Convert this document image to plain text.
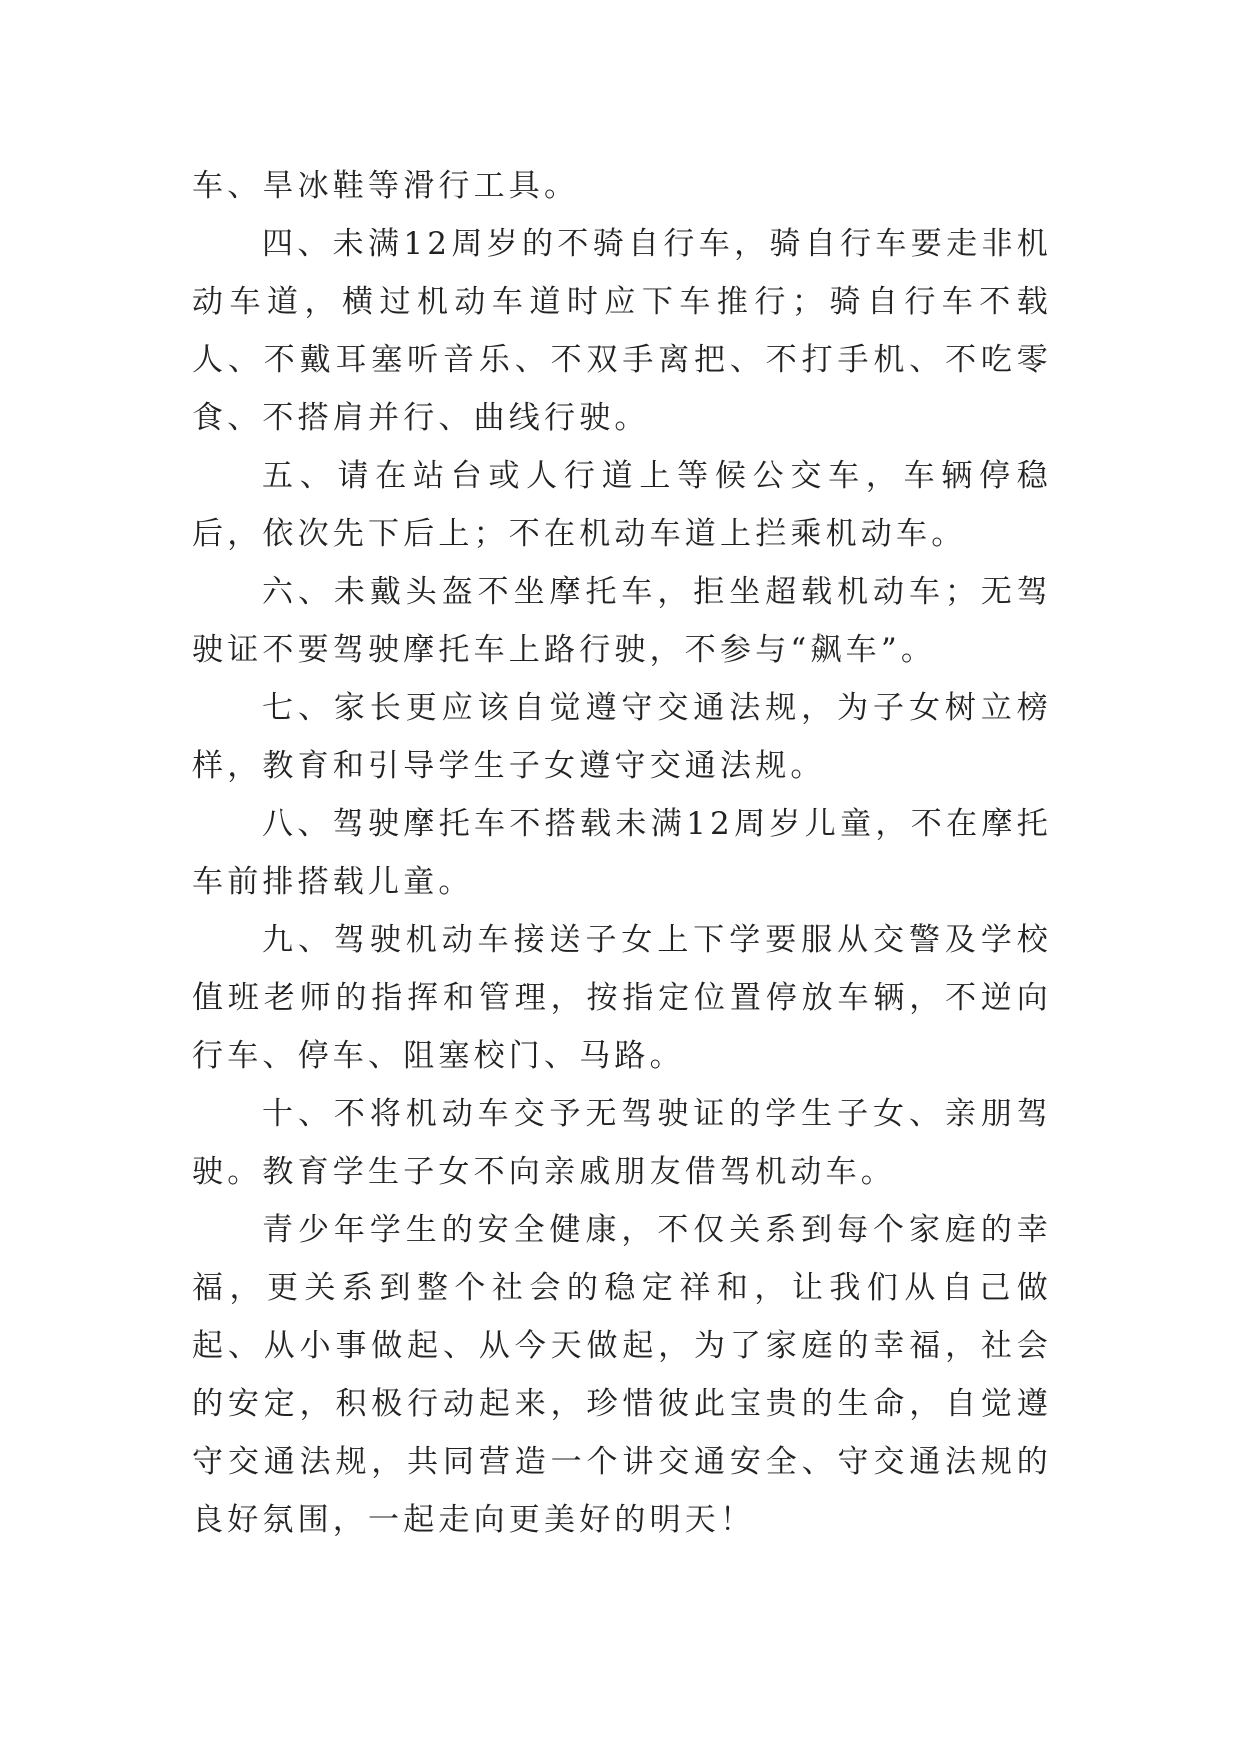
车、旱冰鞋等滑行工具。

四、未满12周岁的不骑自行车，骑自行车要走非机动车道，横过机动车道时应下车推行；骑自行车不载人、不戴耳塞听音乐、不双手离把、不打手机、不吃零食、不搭肩并行、曲线行驶。

五、请在站台或人行道上等候公交车，车辆停稳后，依次先下后上；不在机动车道上拦乘机动车。

六、未戴头盔不坐摩托车，拒坐超载机动车；无驾驶证不要驾驶摩托车上路行驶，不参与“飙车”。

七、家长更应该自觉遵守交通法规，为子女树立榜样，教育和引导学生子女遵守交通法规。

八、驾驶摩托车不搭载未满12周岁儿童，不在摩托车前排搭载儿童。

九、驾驶机动车接送子女上下学要服从交警及学校值班老师的指挥和管理，按指定位置停放车辆，不逆向行车、停车、阻塞校门、马路。

十、不将机动车交予无驾驶证的学生子女、亲朋驾驶。教育学生子女不向亲戚朋友借驾机动车。

青少年学生的安全健康，不仅关系到每个家庭的幸福，更关系到整个社会的稳定祥和，让我们从自己做起、从小事做起、从今天做起，为了家庭的幸福，社会的安定，积极行动起来，珍惜彼此宝贵的生命，自觉遵守交通法规，共同营造一个讲交通安全、守交通法规的良好氛围，一起走向更美好的明天！
